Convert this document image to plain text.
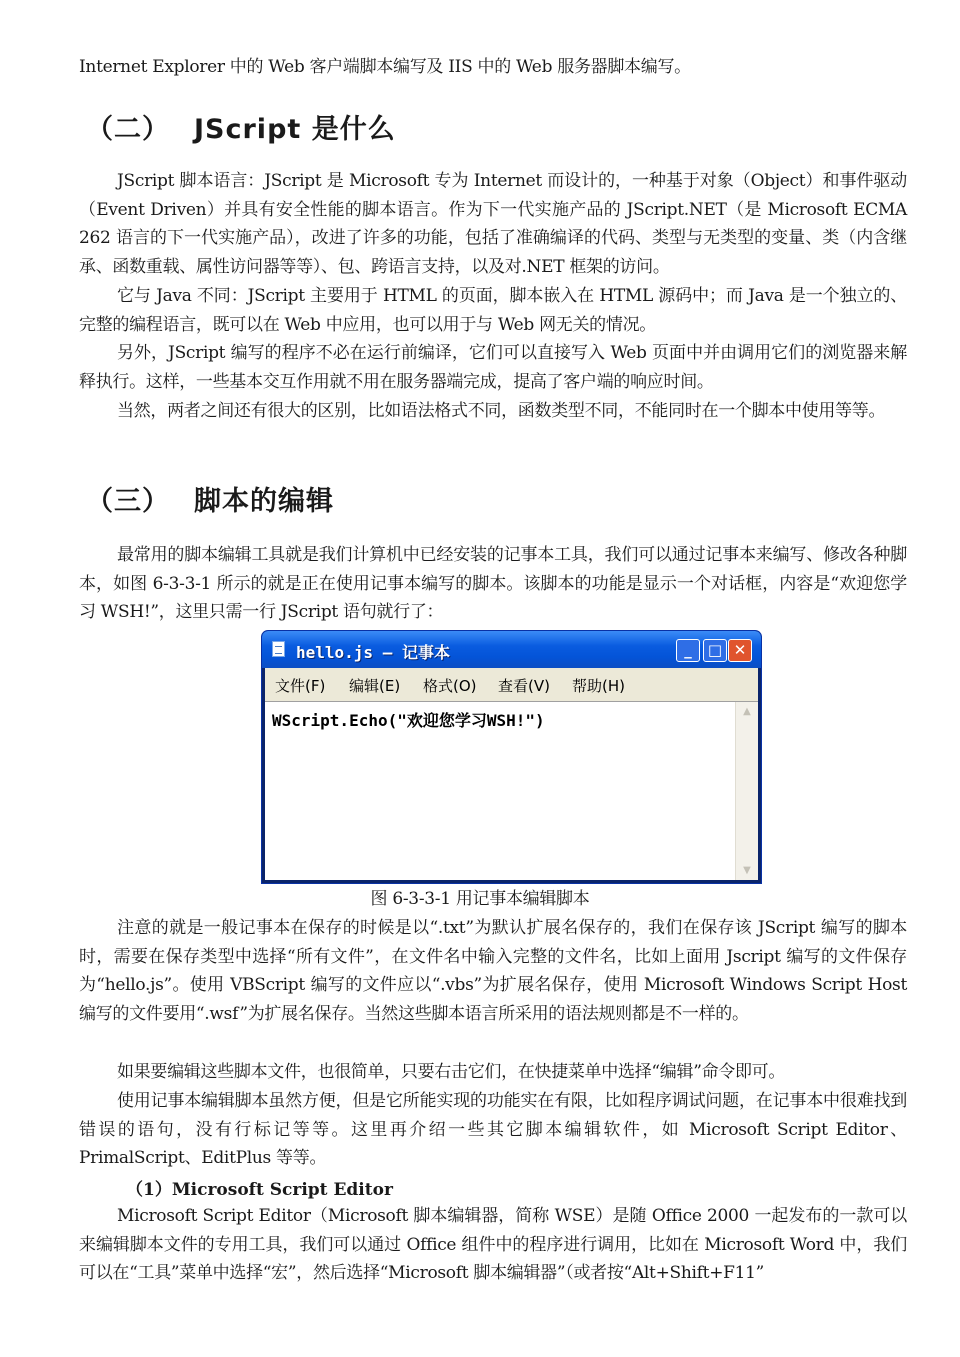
Internet Explorer 中的 Web 客户端脚本编写及 IIS 中的 Web 服务器脚本编写。

（二） JScript 是什么

JScript 脚本语言：JScript 是 Microsoft 专为 Internet 而设计的，一种基于对象（Object）和事件驱动（Event Driven）并具有安全性能的脚本语言。作为下一代实施产品的 JScript.NET（是 Microsoft ECMA 262 语言的下一代实施产品），改进了许多的功能，包括了准确编译的代码、类型与无类型的变量、类（内含继承、函数重载、属性访问器等等）、包、跨语言支持，以及对.NET 框架的访问。

它与 Java 不同：JScript 主要用于 HTML 的页面，脚本嵌入在 HTML 源码中；而 Java 是一个独立的、完整的编程语言，既可以在 Web 中应用，也可以用于与 Web 网无关的情况。

另外，JScript 编写的程序不必在运行前编译，它们可以直接写入 Web 页面中并由调用它们的浏览器来解释执行。这样，一些基本交互作用就不用在服务器端完成，提高了客户端的响应时间。

当然，两者之间还有很大的区别，比如语法格式不同，函数类型不同，不能同时在一个脚本中使用等等。

（三） 脚本的编辑

最常用的脚本编辑工具就是我们计算机中已经安装的记事本工具，我们可以通过记事本来编写、修改各种脚本，如图 6-3-3-1 所示的就是正在使用记事本编写的脚本。该脚本的功能是显示一个对话框，内容是“欢迎您学习 WSH!”，这里只需一行 JScript 语句就行了：

hello.js – 记事本	_	□ ✕
文件(F) 编辑(E) 格式(O) 查看(V) 帮助(H)
WScript.Echo("欢迎您学习WSH!")	▲
▼
图 6-3-3-1 用记事本编辑脚本

注意的就是一般记事本在保存的时候是以“.txt”为默认扩展名保存的，我们在保存该 JScript 编写的脚本时，需要在保存类型中选择“所有文件”，在文件名中输入完整的文件名，比如上面用 Jscript 编写的文件保存为“hello.js”。使用 VBScript 编写的文件应以“.vbs”为扩展名保存，使用 Microsoft Windows Script Host 编写的文件要用“.wsf”为扩展名保存。当然这些脚本语言所采用的语法规则都是不一样的。

如果要编辑这些脚本文件，也很简单，只要右击它们，在快捷菜单中选择“编辑”命令即可。

使用记事本编辑脚本虽然方便，但是它所能实现的功能实在有限，比如程序调试问题，在记事本中很难找到错误的语句，没有行标记等等。这里再介绍一些其它脚本编辑软件，如 Microsoft Script Editor、PrimalScript、EditPlus 等等。

（1）Microsoft Script Editor

Microsoft Script Editor（Microsoft 脚本编辑器，简称 WSE）是随 Office 2000 一起发布的一款可以来编辑脚本文件的专用工具，我们可以通过 Office 组件中的程序进行调用，比如在 Microsoft Word 中，我们可以在“工具”菜单中选择“宏”，然后选择“Microsoft 脚本编辑器”（或者按“Alt+Shift+F11”
